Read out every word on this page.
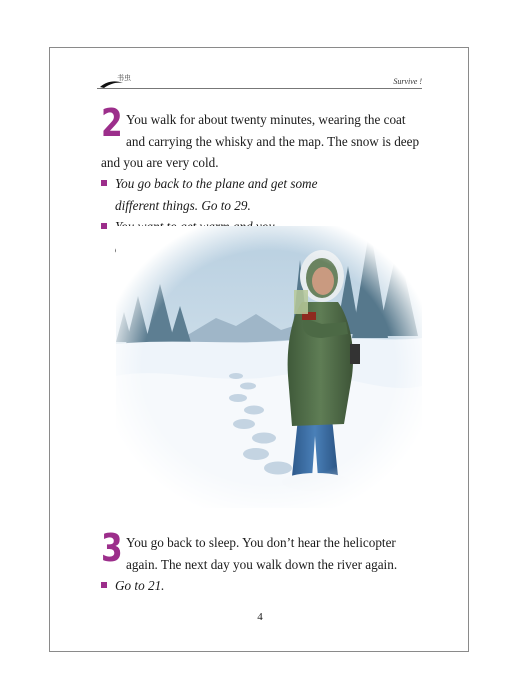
书虫	Survive !
2 You walk for about twenty minutes, wearing the coat
and carrying the whisky and the map. The snow is deep
and you are very cold.
You go back to the plane and get some
different things. Go to 29.
3 You go back to sleep. You don’t hear the helicopter
again. The next day you walk down the river again.
Go to 21.
4
